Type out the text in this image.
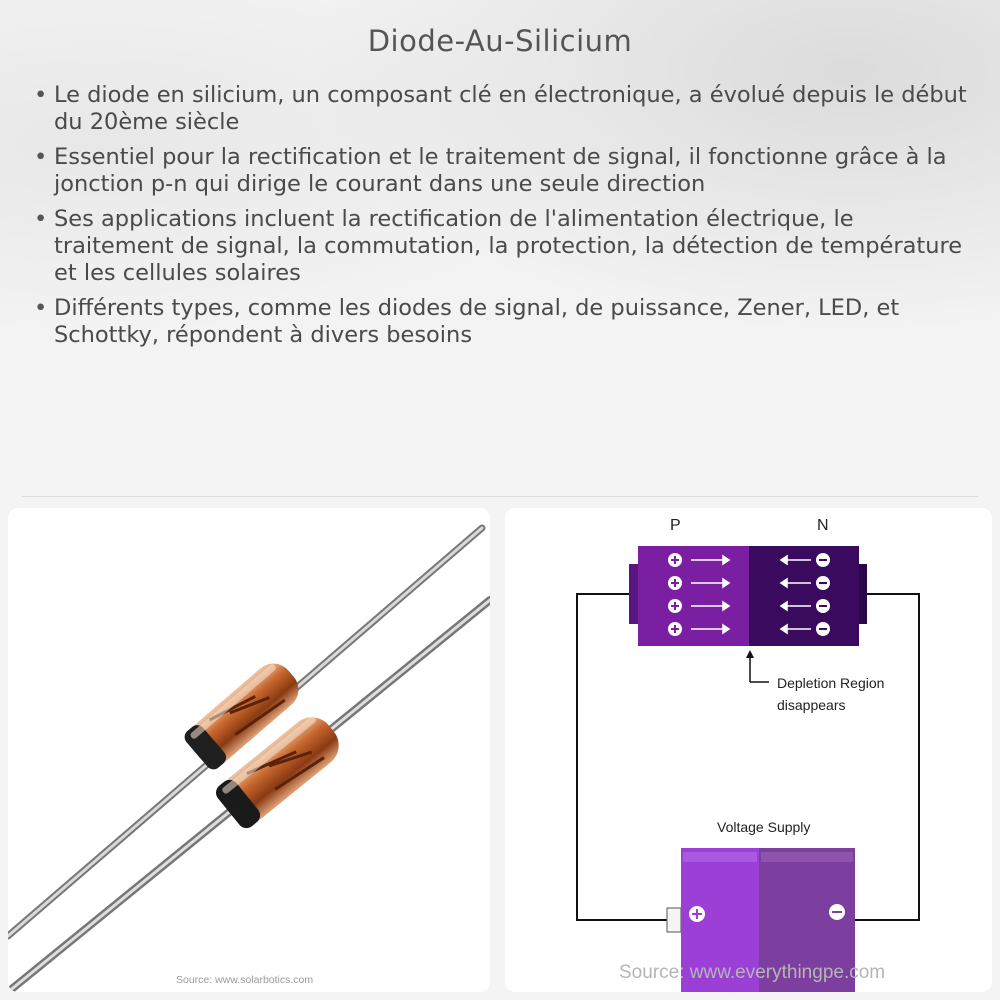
Diode-Au-Silicium
• Le diode en silicium, un composant clé en électronique, a évolué depuis le début du 20ème siècle
• Essentiel pour la rectification et le traitement de signal, il fonctionne grâce à la jonction p-n qui dirige le courant dans une seule direction
• Ses applications incluent la rectification de l'alimentation électrique, le traitement de signal, la commutation, la protection, la détection de température et les cellules solaires
• Différents types, comme les diodes de signal, de puissance, Zener, LED, et Schottky, répondent à divers besoins
Source: www.solarbotics.com
P	N
Depletion Region
disappears
Voltage Supply
Source: www.everythingpe.com
